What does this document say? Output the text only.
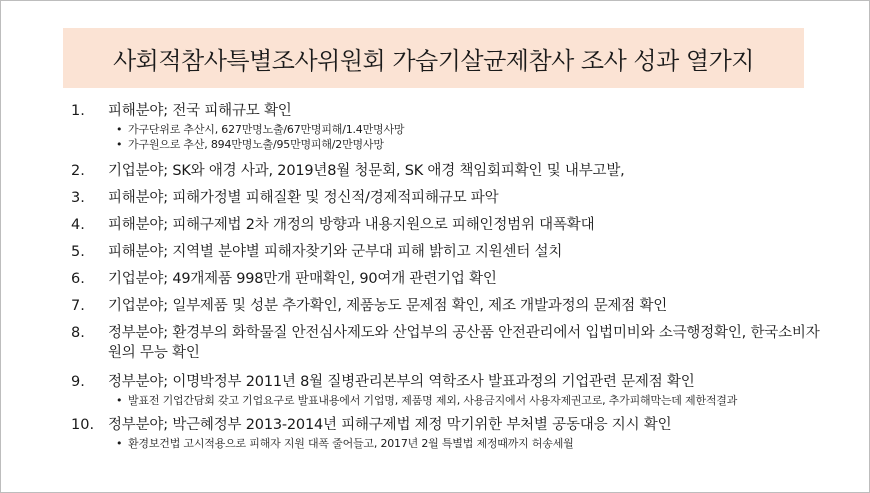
사회적참사특별조사위원회 가습기살균제참사 조사 성과 열가지
1.	피해분야; 전국 피해규모 확인
• 가구단위로 추산시, 627만명노출/67만명피해/1.4만명사망
• 가구원으로 추산, 894만명노출/95만명피해/2만명사망
2.	기업분야; SK와 애경 사과, 2019년8월 청문회, SK 애경 책임회피확인 및 내부고발,
3.	피해분야; 피해가정별 피해질환 및 정신적/경제적피해규모 파악
4.	피해분야; 피해구제법 2차 개정의 방향과 내용지원으로 피해인정범위 대폭확대
5.	피해분야; 지역별 분야별 피해자찾기와 군부대 피해 밝히고 지원센터 설치
6.	기업분야; 49개제품 998만개 판매확인, 90여개 관련기업 확인
7.	기업분야; 일부제품 및 성분 추가확인, 제품농도 문제점 확인, 제조 개발과정의 문제점 확인
8.	정부분야; 환경부의 화학물질 안전심사제도와 산업부의 공산품 안전관리에서 입법미비와 소극행정확인, 한국소비자원의 무능 확인
9.	정부분야; 이명박정부 2011년 8월 질병관리본부의 역학조사 발표과정의 기업관련 문제점 확인
• 발표전 기업간담회 갖고 기업요구로 발표내용에서 기업명, 제품명 제외, 사용금지에서 사용자제권고로, 추가피해막는데 제한적결과
10. 정부분야; 박근혜정부 2013-2014년 피해구제법 제정 막기위한 부처별 공동대응 지시 확인
• 환경보건법 고시적용으로 피해자 지원 대폭 줄어들고, 2017년 2월 특별법 제정때까지 허송세월
